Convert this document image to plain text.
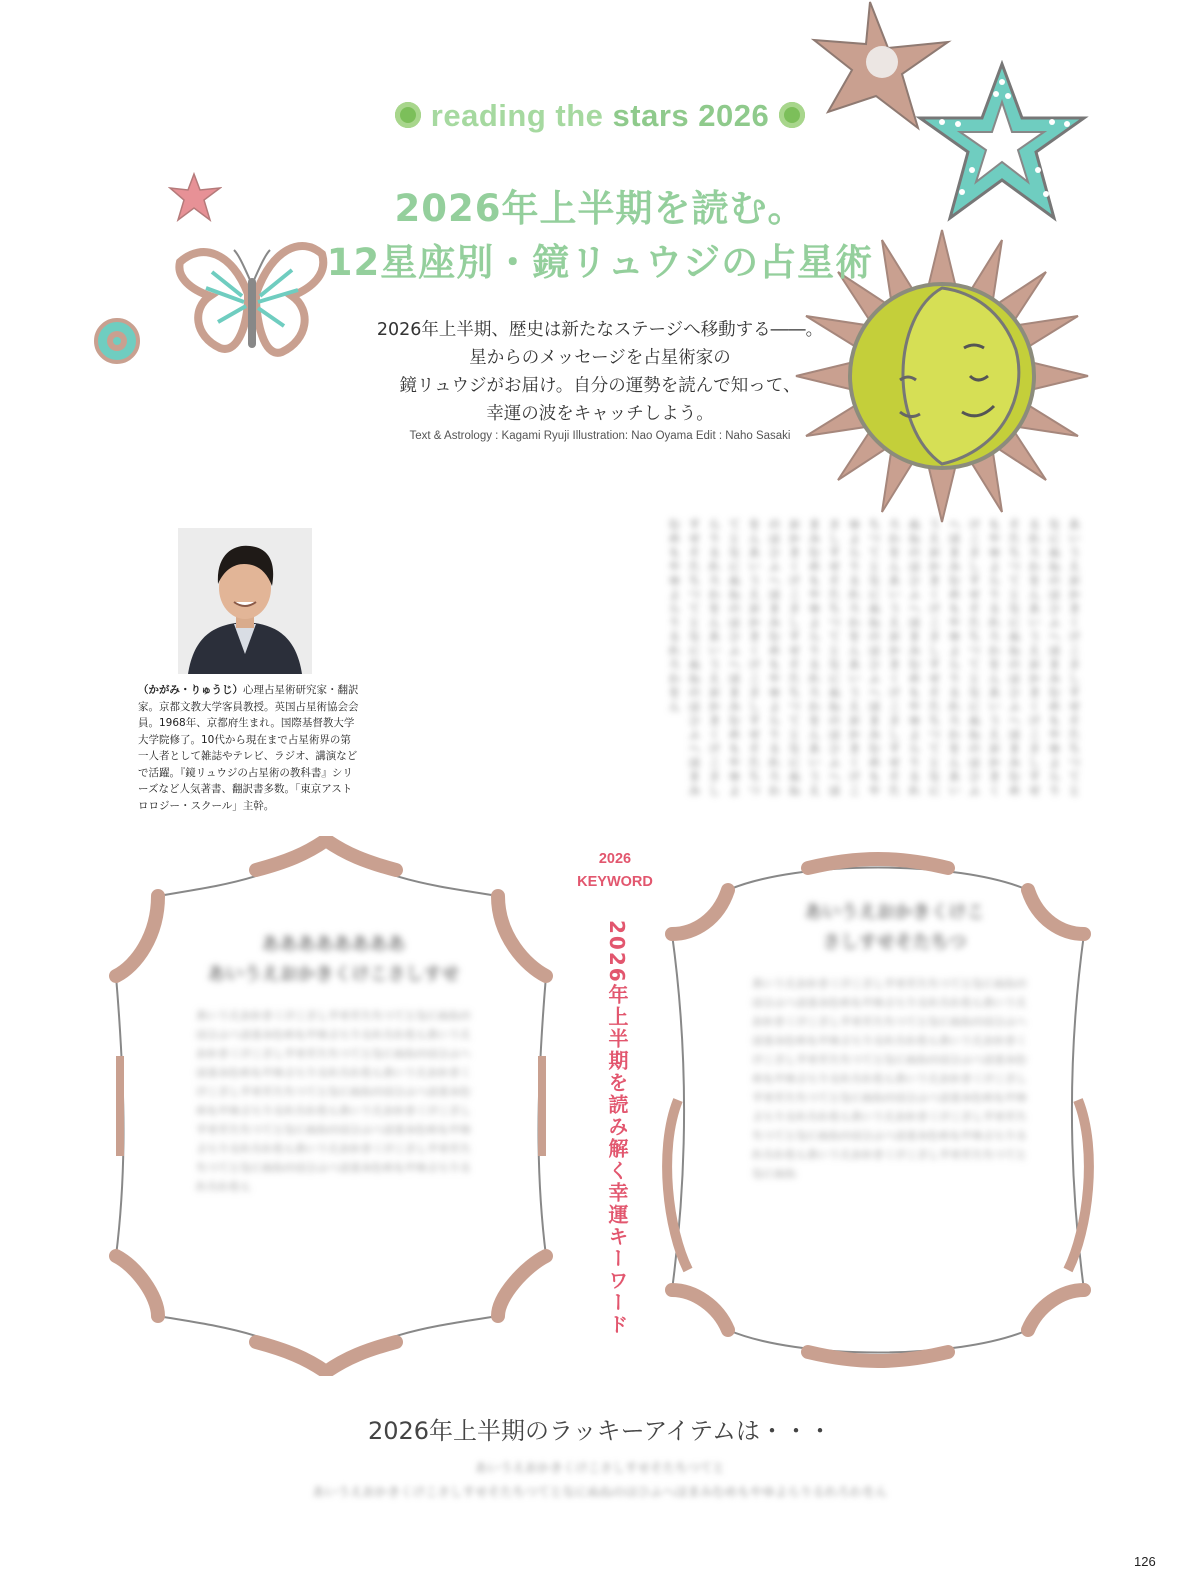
reading the stars 2026
2026年上半期を読む。
12星座別・鏡リュウジの占星術
2026年上半期、歴史は新たなステージへ移動する――。
星からのメッセージを占星術家の
鏡リュウジがお届け。自分の運勢を読んで知って、
幸運の波をキャッチしよう。
Text & Astrology : Kagami Ryuji Illustration: Nao Oyama Edit : Naho Sasaki
（かがみ・りゅうじ）心理占星術研究家・翻訳家。京都文教大学客員教授。英国占星術協会会員。1968年、京都府生まれ。国際基督教大学大学院修了。10代から現在まで占星術界の第一人者として雑誌やテレビ、ラジオ、講演などで活躍。『鏡リュウジの占星術の教科書』シリーズなど人気著書、翻訳書多数。「東京アストロロジー・スクール」主幹。
あいうえおかきくけこさしすせそたちつてとなにぬねのはひふへほまみむめもやゆよらりるれろわをんあいうえおかきくけこさしすせそたちつてとなにぬねのはひふへほまみむめもやゆよらりるれろわをんあいうえおかきくけこさしすせそたちつてとなにぬねのはひふへほまみむめもやゆよらりるれろわをんあいうえおかきくけこさしすせそたちつてとなにぬねのはひふへほまみむめもやゆよらりるれろわをんあいうえおかきくけこさしすせそたちつてとなにぬねのはひふへほまみむめもやゆよらりるれろわをんあいうえおかきくけこさしすせそたちつてとなにぬねのはひふへほまみむめもやゆよらりるれろわをんあいうえおかきくけこさしすせそたちつてとなにぬねのはひふへほまみむめもやゆよらりるれろわをんあいうえおかきくけこさしすせそたちつてとなにぬねのはひふへほまみむめもやゆよらりるれろわをんあいうえおかきくけこさしすせそたちつてとなにぬねのはひふへほまみむめもやゆよらりるれろわをん
ああああああああ
あいうえおかきくけこさしすせ
あいうえおかきくけこさしすせそたちつてとなにぬねのはひふへほまみむめもやゆよらりるれろわをんあいうえおかきくけこさしすせそたちつてとなにぬねのはひふへほまみむめもやゆよらりるれろわをんあいうえおかきくけこさしすせそたちつてとなにぬねのはひふへほまみむめもやゆよらりるれろわをんあいうえおかきくけこさしすせそたちつてとなにぬねのはひふへほまみむめもやゆよらりるれろわをんあいうえおかきくけこさしすせそたちつてとなにぬねのはひふへほまみむめもやゆよらりるれろわをん
2026
KEYWORD
2026年上半期を読み解く幸運キーワード
あいうえおかきくけこ
さしすせそたちつ
あいうえおかきくけこさしすせそたちつてとなにぬねのはひふへほまみむめもやゆよらりるれろわをんあいうえおかきくけこさしすせそたちつてとなにぬねのはひふへほまみむめもやゆよらりるれろわをんあいうえおかきくけこさしすせそたちつてとなにぬねのはひふへほまみむめもやゆよらりるれろわをんあいうえおかきくけこさしすせそたちつてとなにぬねのはひふへほまみむめもやゆよらりるれろわをんあいうえおかきくけこさしすせそたちつてとなにぬねのはひふへほまみむめもやゆよらりるれろわをんあいうえおかきくけこさしすせそたちつてとなにぬね
2026年上半期のラッキーアイテムは・・・
あいうえおかきくけこさしすせそたちつてと
あいうえおかきくけこさしすせそたちつてとなにぬねのはひふへほまみむめもやゆよらりるれろわをん
126
